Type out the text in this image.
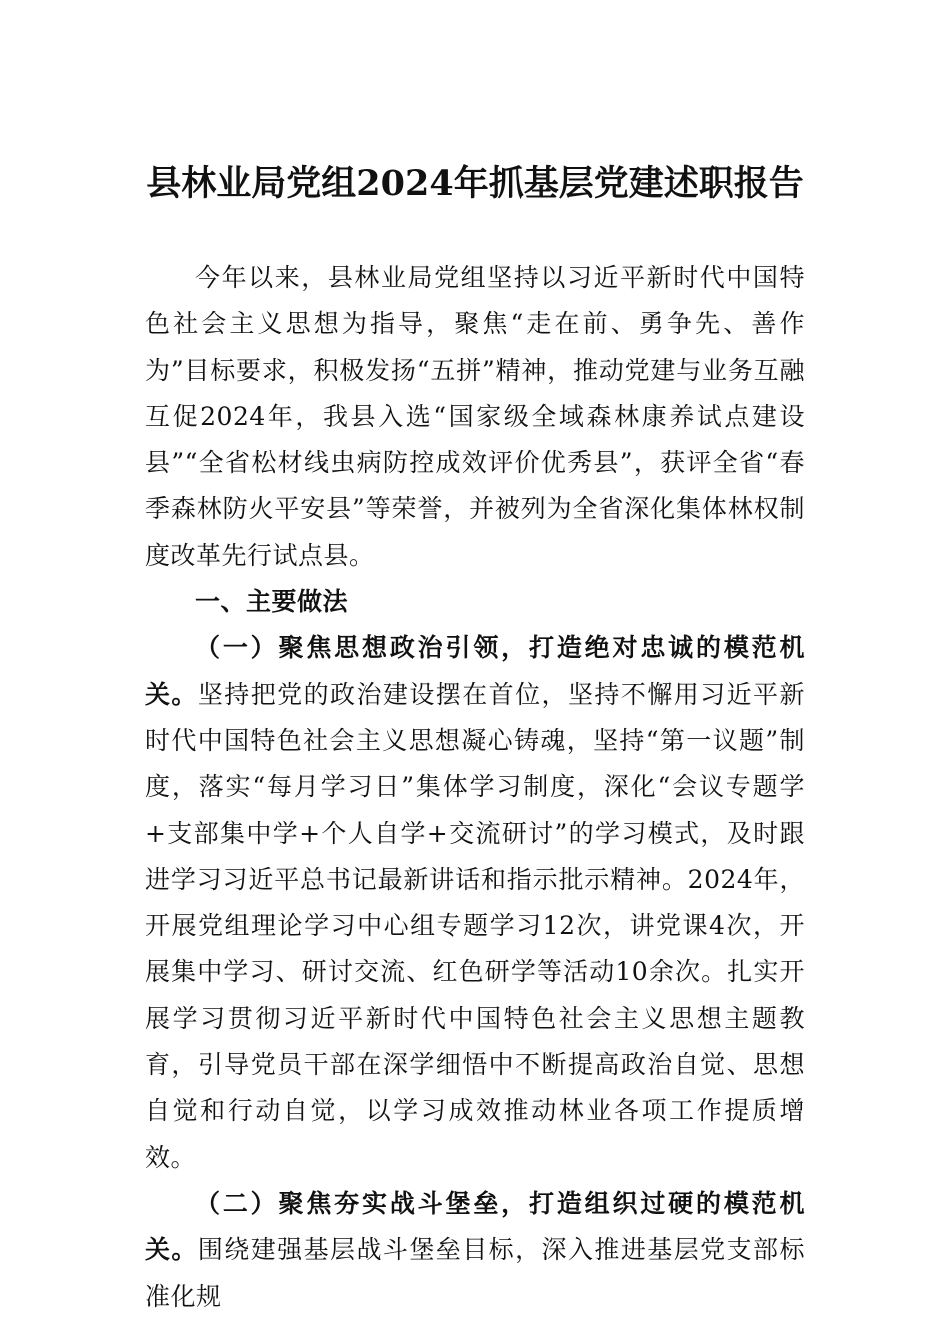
县林业局党组2024年抓基层党建述职报告

今年以来，县林业局党组坚持以习近平新时代中国特色社会主义思想为指导，聚焦“走在前、勇争先、善作为”目标要求，积极发扬“五拼”精神，推动党建与业务互融互促2024年，我县入选“国家级全域森林康养试点建设县”“全省松材线虫病防控成效评价优秀县”，获评全省“春季森林防火平安县”等荣誉，并被列为全省深化集体林权制度改革先行试点县。

一、主要做法

（一）聚焦思想政治引领，打造绝对忠诚的模范机关。坚持把党的政治建设摆在首位，坚持不懈用习近平新时代中国特色社会主义思想凝心铸魂，坚持“第一议题”制度，落实“每月学习日”集体学习制度，深化“会议专题学+支部集中学+个人自学+交流研讨”的学习模式，及时跟进学习习近平总书记最新讲话和指示批示精神。2024年，开展党组理论学习中心组专题学习12次，讲党课4次，开展集中学习、研讨交流、红色研学等活动10余次。扎实开展学习贯彻习近平新时代中国特色社会主义思想主题教育，引导党员干部在深学细悟中不断提高政治自觉、思想自觉和行动自觉，以学习成效推动林业各项工作提质增效。

（二）聚焦夯实战斗堡垒，打造组织过硬的模范机关。围绕建强基层战斗堡垒目标，深入推进基层党支部标准化规
